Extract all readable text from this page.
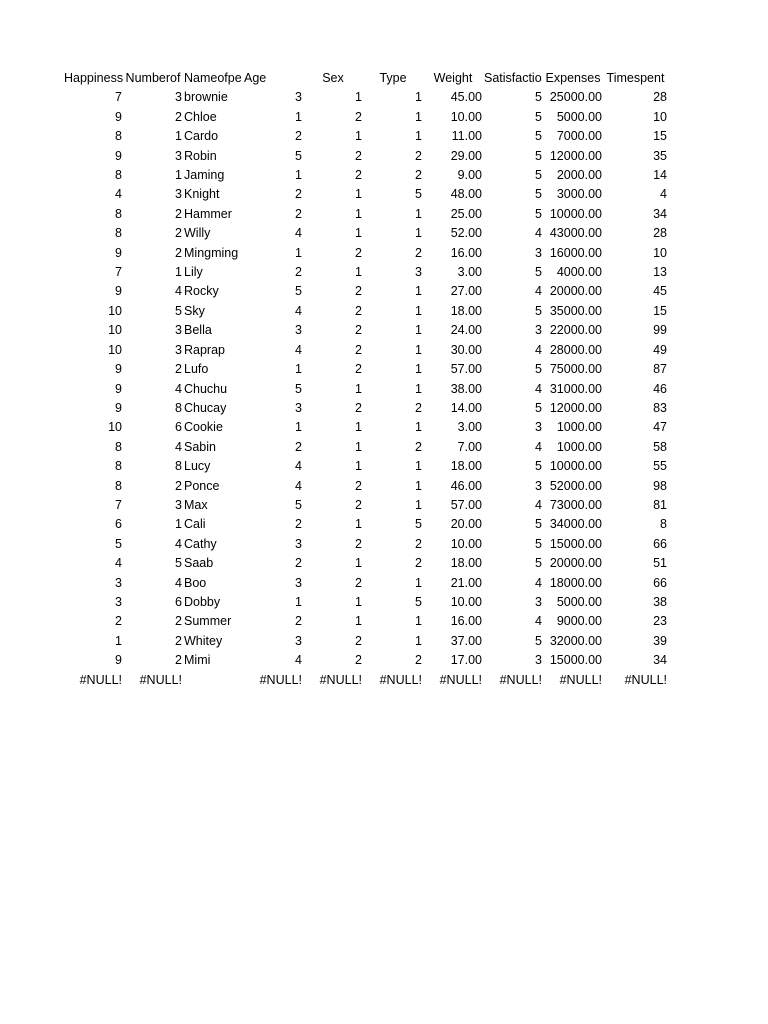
Happiness	Numberof	Nameofpe	Age	Sex	Type	Weight	Satisfactio	Expenses	Timespent
7	3	brownie	3	1	1	45.00	5	25000.00	28
9	2	Chloe	1	2	1	10.00	5	5000.00	10
8	1	Cardo	2	1	1	11.00	5	7000.00	15
9	3	Robin	5	2	2	29.00	5	12000.00	35
8	1	Jaming	1	2	2	9.00	5	2000.00	14
4	3	Knight	2	1	5	48.00	5	3000.00	4
8	2	Hammer	2	1	1	25.00	5	10000.00	34
8	2	Willy	4	1	1	52.00	4	43000.00	28
9	2	Mingming	1	2	2	16.00	3	16000.00	10
7	1	Lily	2	1	3	3.00	5	4000.00	13
9	4	Rocky	5	2	1	27.00	4	20000.00	45
10	5	Sky	4	2	1	18.00	5	35000.00	15
10	3	Bella	3	2	1	24.00	3	22000.00	99
10	3	Raprap	4	2	1	30.00	4	28000.00	49
9	2	Lufo	1	2	1	57.00	5	75000.00	87
9	4	Chuchu	5	1	1	38.00	4	31000.00	46
9	8	Chucay	3	2	2	14.00	5	12000.00	83
10	6	Cookie	1	1	1	3.00	3	1000.00	47
8	4	Sabin	2	1	2	7.00	4	1000.00	58
8	8	Lucy	4	1	1	18.00	5	10000.00	55
8	2	Ponce	4	2	1	46.00	3	52000.00	98
7	3	Max	5	2	1	57.00	4	73000.00	81
6	1	Cali	2	1	5	20.00	5	34000.00	8
5	4	Cathy	3	2	2	10.00	5	15000.00	66
4	5	Saab	2	1	2	18.00	5	20000.00	51
3	4	Boo	3	2	1	21.00	4	18000.00	66
3	6	Dobby	1	1	5	10.00	3	5000.00	38
2	2	Summer	2	1	1	16.00	4	9000.00	23
1	2	Whitey	3	2	1	37.00	5	32000.00	39
9	2	Mimi	4	2	2	17.00	3	15000.00	34
#NULL!	#NULL!		#NULL!	#NULL!	#NULL!	#NULL!	#NULL!	#NULL!	#NULL!
